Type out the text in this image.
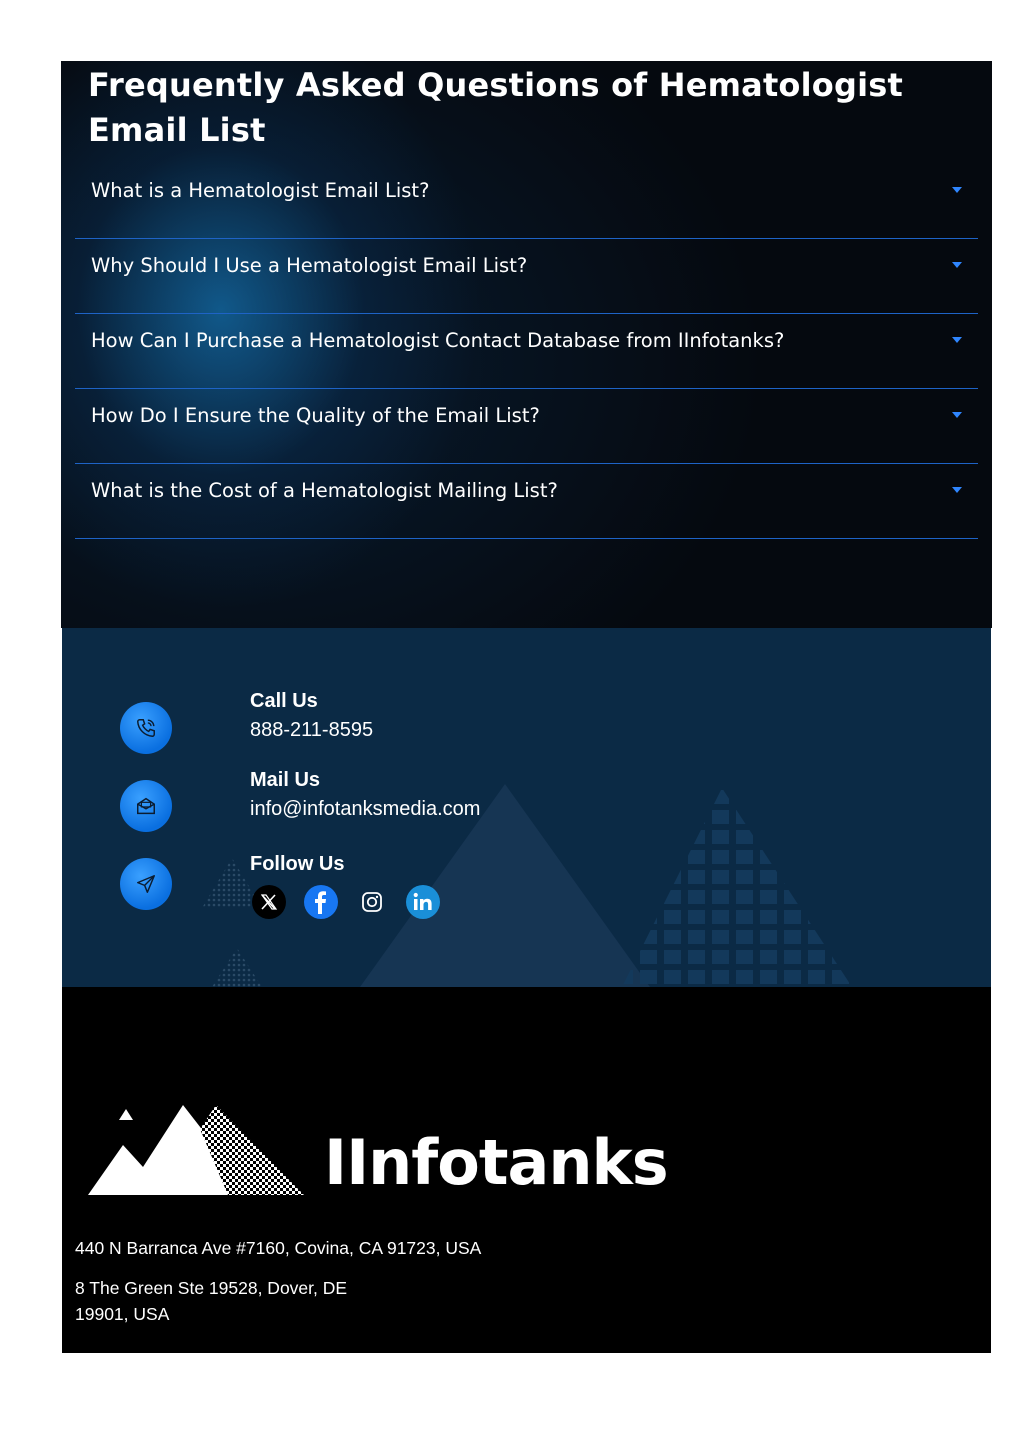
Frequently Asked Questions of Hematologist Email List
What is a Hematologist Email List?
Why Should I Use a Hematologist Email List?
How Can I Purchase a Hematologist Contact Database from IInfotanks?
How Do I Ensure the Quality of the Email List?
What is the Cost of a Hematologist Mailing List?

Call Us

888-211-8595

Mail Us

info@infotanksmedia.com

Follow Us

IInfotanks
440 N Barranca Ave #7160, Covina, CA 91723, USA
8 The Green Ste 19528, Dover, DE
19901, USA
